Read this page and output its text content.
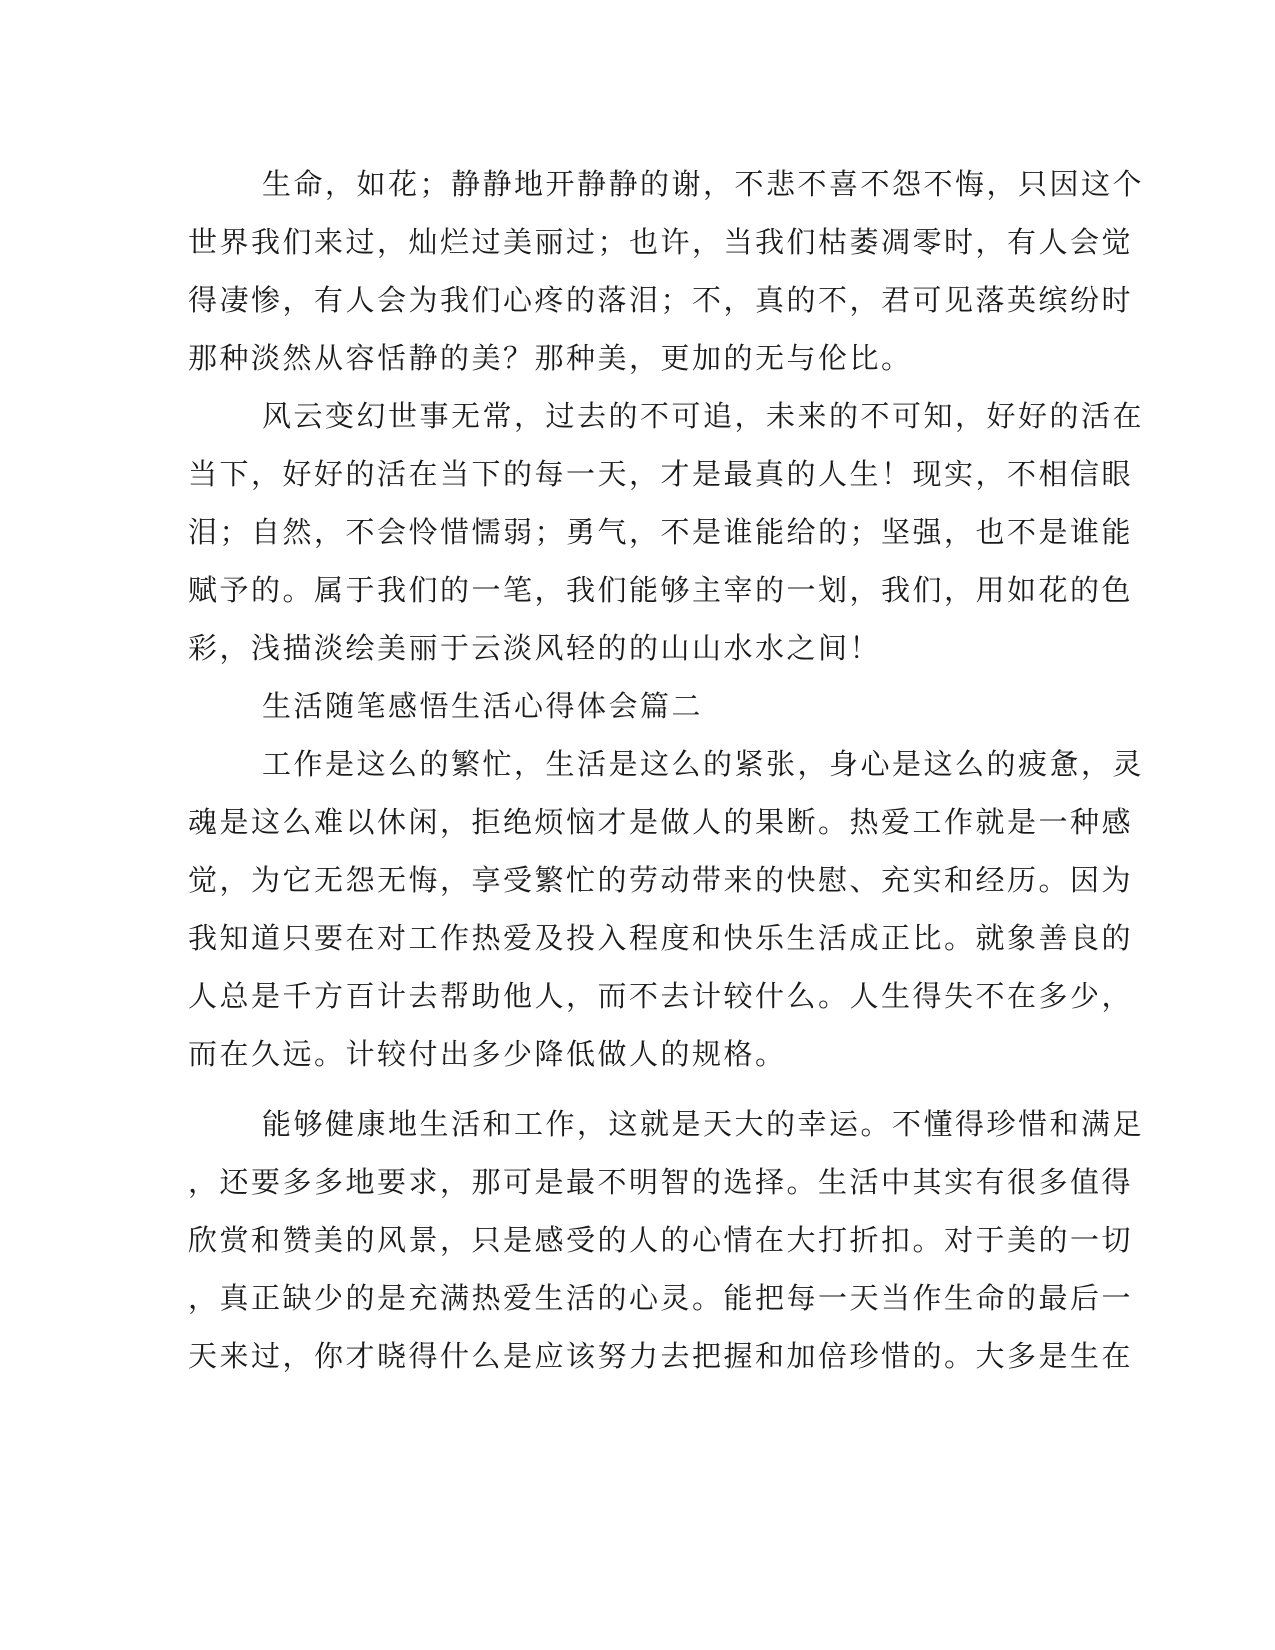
生命，如花；静静地开静静的谢，不悲不喜不怨不悔，只因这个

世界我们来过，灿烂过美丽过；也许，当我们枯萎凋零时，有人会觉

得凄惨，有人会为我们心疼的落泪；不，真的不，君可见落英缤纷时

那种淡然从容恬静的美？那种美，更加的无与伦比。

风云变幻世事无常，过去的不可追，未来的不可知，好好的活在

当下，好好的活在当下的每一天，才是最真的人生！现实，不相信眼

泪；自然，不会怜惜懦弱；勇气，不是谁能给的；坚强，也不是谁能

赋予的。属于我们的一笔，我们能够主宰的一划，我们，用如花的色

彩，浅描淡绘美丽于云淡风轻的的山山水水之间！

生活随笔感悟生活心得体会篇二

工作是这么的繁忙，生活是这么的紧张，身心是这么的疲惫，灵

魂是这么难以休闲，拒绝烦恼才是做人的果断。热爱工作就是一种感

觉，为它无怨无悔，享受繁忙的劳动带来的快慰、充实和经历。因为

我知道只要在对工作热爱及投入程度和快乐生活成正比。就象善良的

人总是千方百计去帮助他人，而不去计较什么。人生得失不在多少，

而在久远。计较付出多少降低做人的规格。

能够健康地生活和工作，这就是天大的幸运。不懂得珍惜和满足

，还要多多地要求，那可是最不明智的选择。生活中其实有很多值得

欣赏和赞美的风景，只是感受的人的心情在大打折扣。对于美的一切

，真正缺少的是充满热爱生活的心灵。能把每一天当作生命的最后一

天来过，你才晓得什么是应该努力去把握和加倍珍惜的。大多是生在
